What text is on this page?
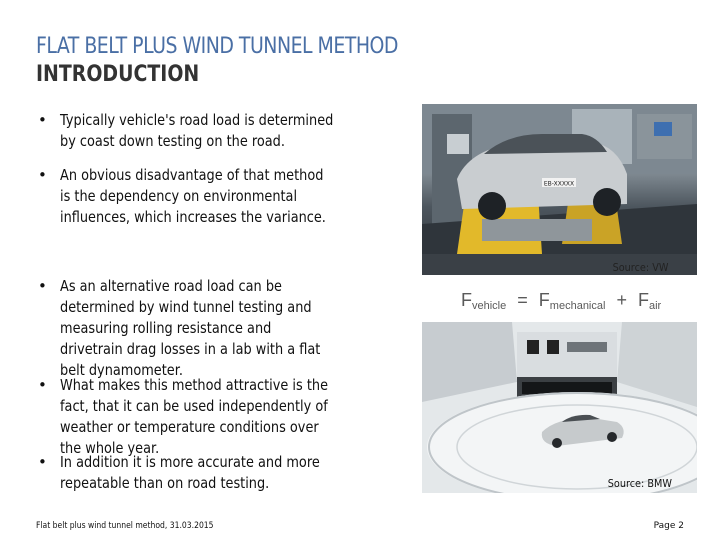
FLAT BELT PLUS WIND TUNNEL METHOD
INTRODUCTION
• Typically vehicle's road load is determined by coast down testing on the road.
• An obvious disadvantage of that method is the dependency on environmental influences, which increases the variance.
• As an alternative road load can be determined by wind tunnel testing and measuring rolling resistance and drivetrain drag losses in a lab with a flat belt dynamometer.
• What makes this method attractive is the fact, that it can be used independently of weather or temperature conditions over the whole year.
• In addition it is more accurate and more repeatable than on road testing.
EB-XXXXX
Source: VW
$F_{vehicle} = F_{mechanical} + F_{air}$
Source: BMW
Flat belt plus wind tunnel method, 31.03.2015	Page 2
